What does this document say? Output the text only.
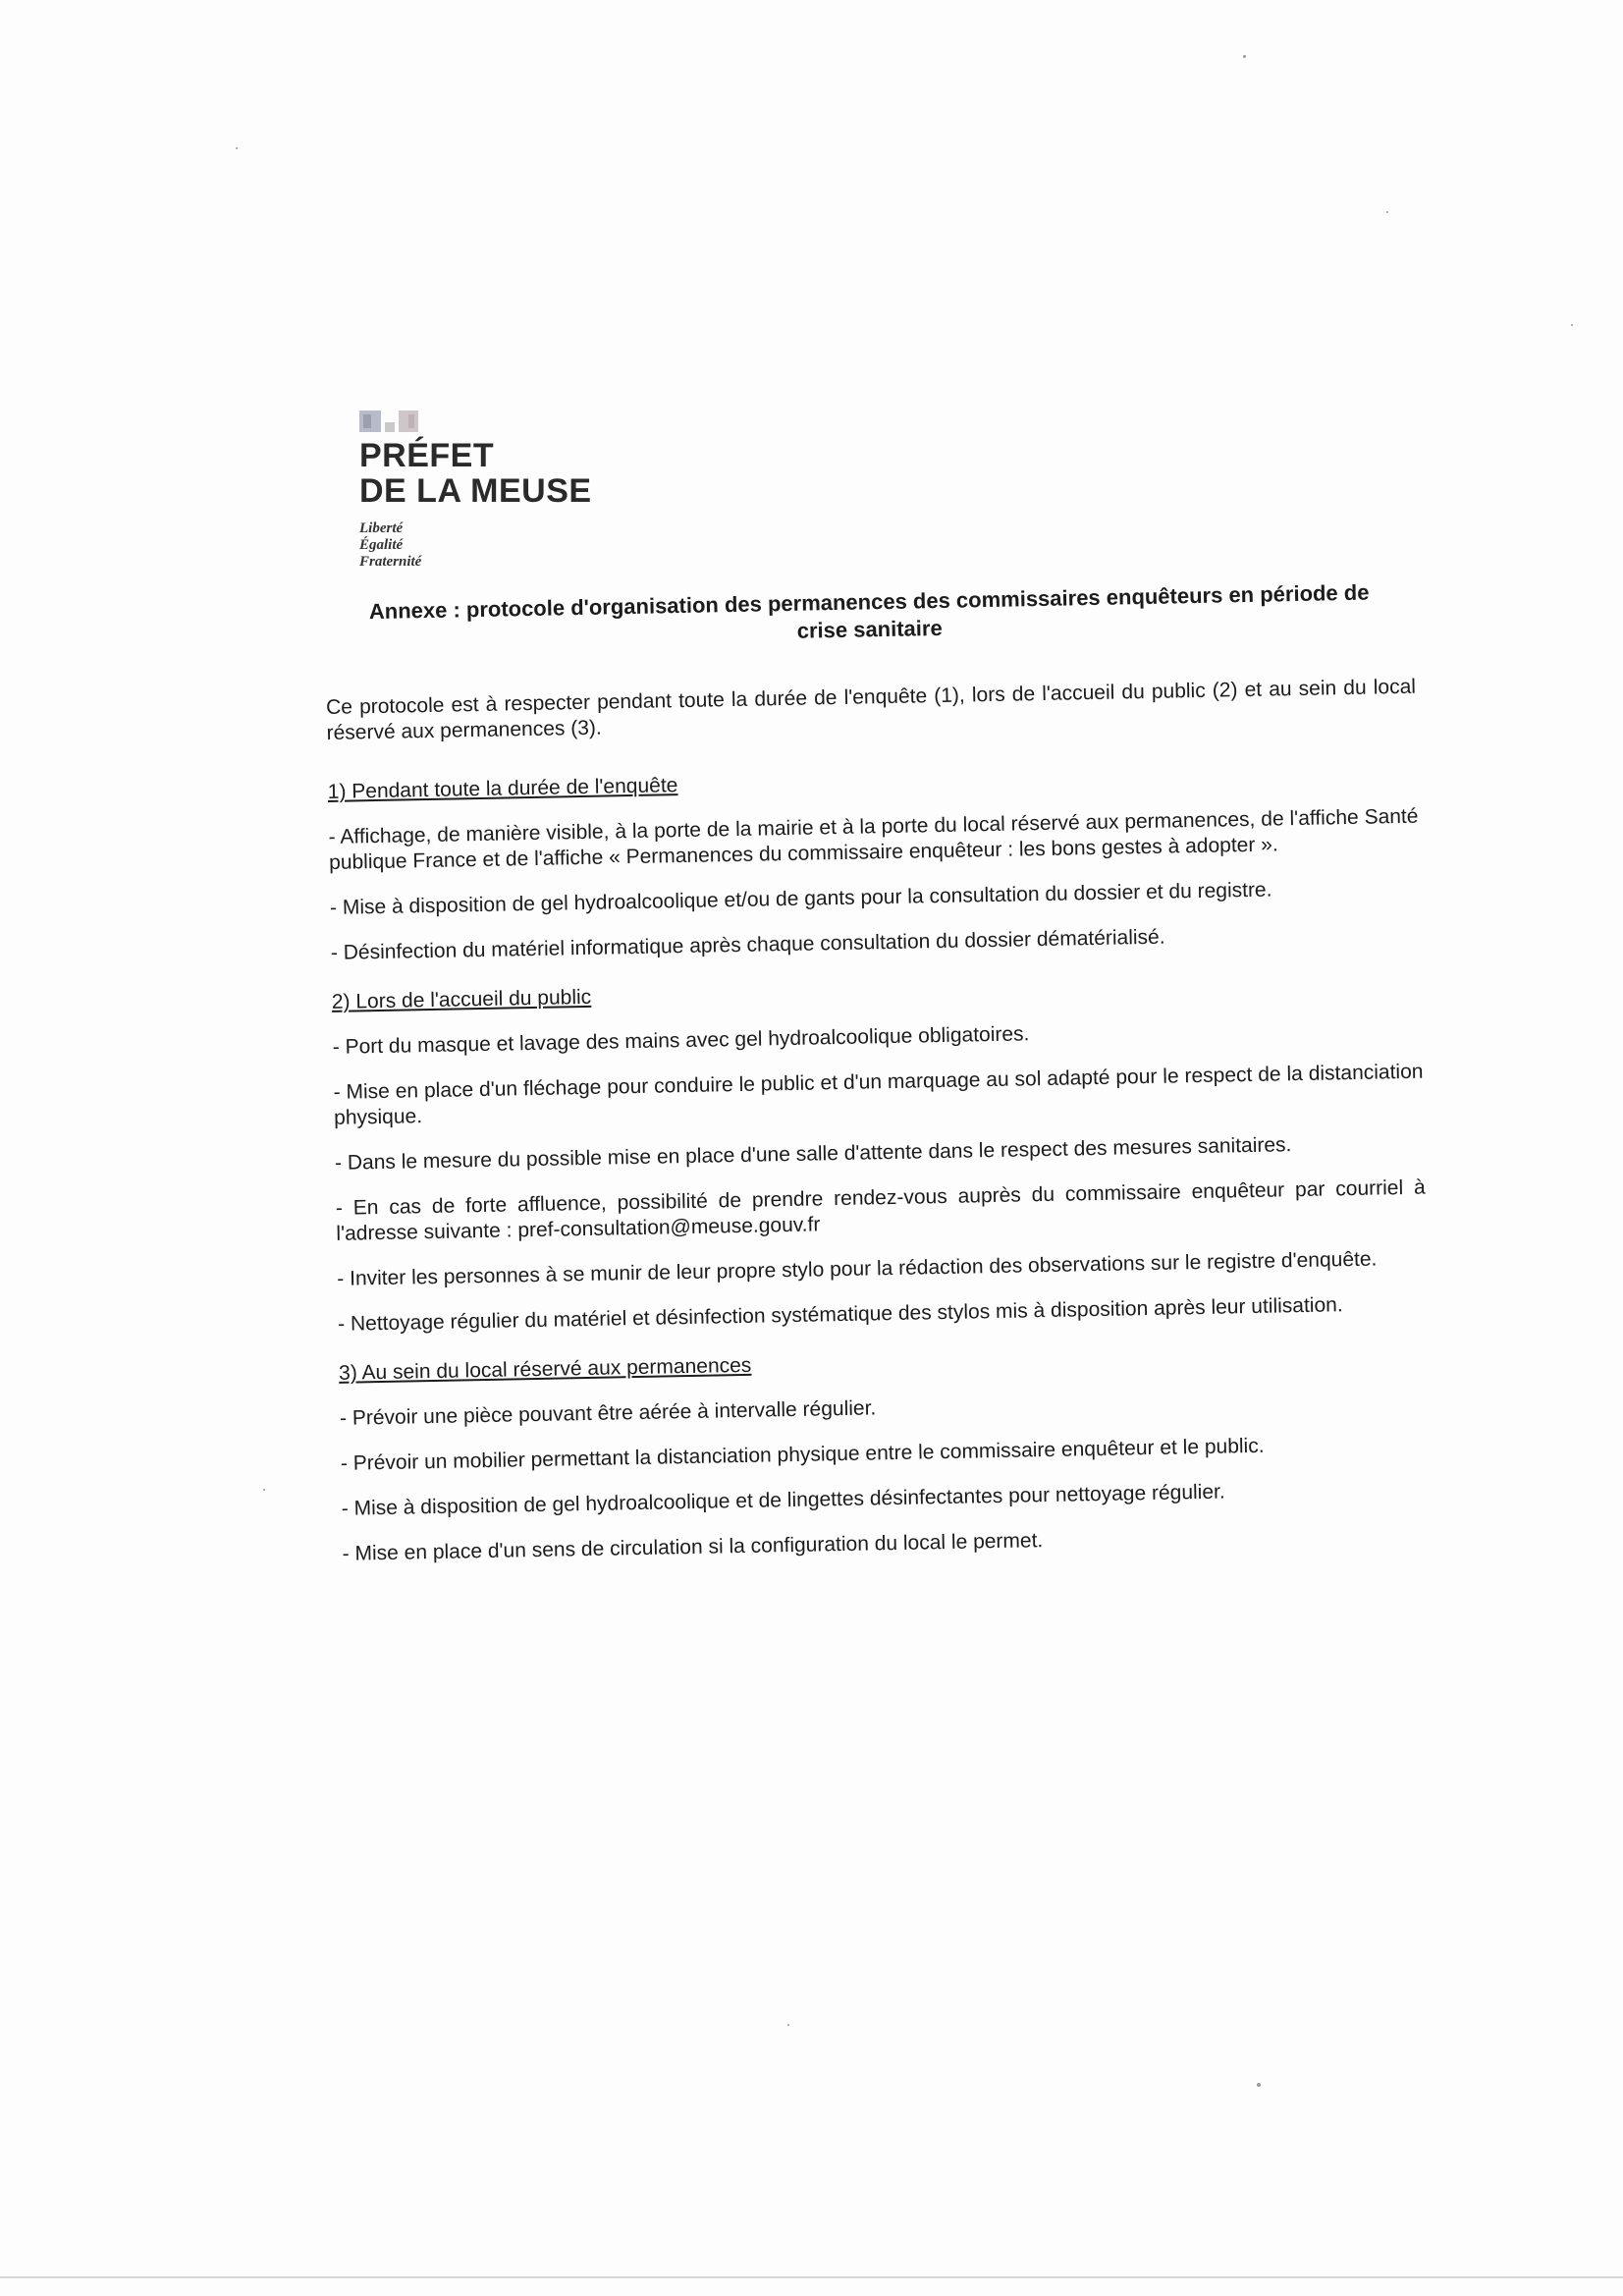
PRÉFET
DE LA MEUSE
Liberté
Égalité
Fraternité
Annexe : protocole d'organisation des permanences des commissaires enquêteurs en période de crise sanitaire

Ce protocole est à respecter pendant toute la durée de l'enquête (1), lors de l'accueil du public (2) et au sein du local réservé aux permanences (3).

1) Pendant toute la durée de l'enquête

- Affichage, de manière visible, à la porte de la mairie et à la porte du local réservé aux permanences, de l'affiche Santé publique France et de l'affiche « Permanences du commissaire enquêteur : les bons gestes à adopter ».

- Mise à disposition de gel hydroalcoolique et/ou de gants pour la consultation du dossier et du registre.

- Désinfection du matériel informatique après chaque consultation du dossier dématérialisé.

2) Lors de l'accueil du public

- Port du masque et lavage des mains avec gel hydroalcoolique obligatoires.

- Mise en place d'un fléchage pour conduire le public et d'un marquage au sol adapté pour le respect de la distanciation physique.

- Dans le mesure du possible mise en place d'une salle d'attente dans le respect des mesures sanitaires.

- En cas de forte affluence, possibilité de prendre rendez-vous auprès du commissaire enquêteur par courriel à l'adresse suivante : pref-consultation@meuse.gouv.fr

- Inviter les personnes à se munir de leur propre stylo pour la rédaction des observations sur le registre d'enquête.

- Nettoyage régulier du matériel et désinfection systématique des stylos mis à disposition après leur utilisation.

3) Au sein du local réservé aux permanences

- Prévoir une pièce pouvant être aérée à intervalle régulier.

- Prévoir un mobilier permettant la distanciation physique entre le commissaire enquêteur et le public.

- Mise à disposition de gel hydroalcoolique et de lingettes désinfectantes pour nettoyage régulier.

- Mise en place d'un sens de circulation si la configuration du local le permet.
